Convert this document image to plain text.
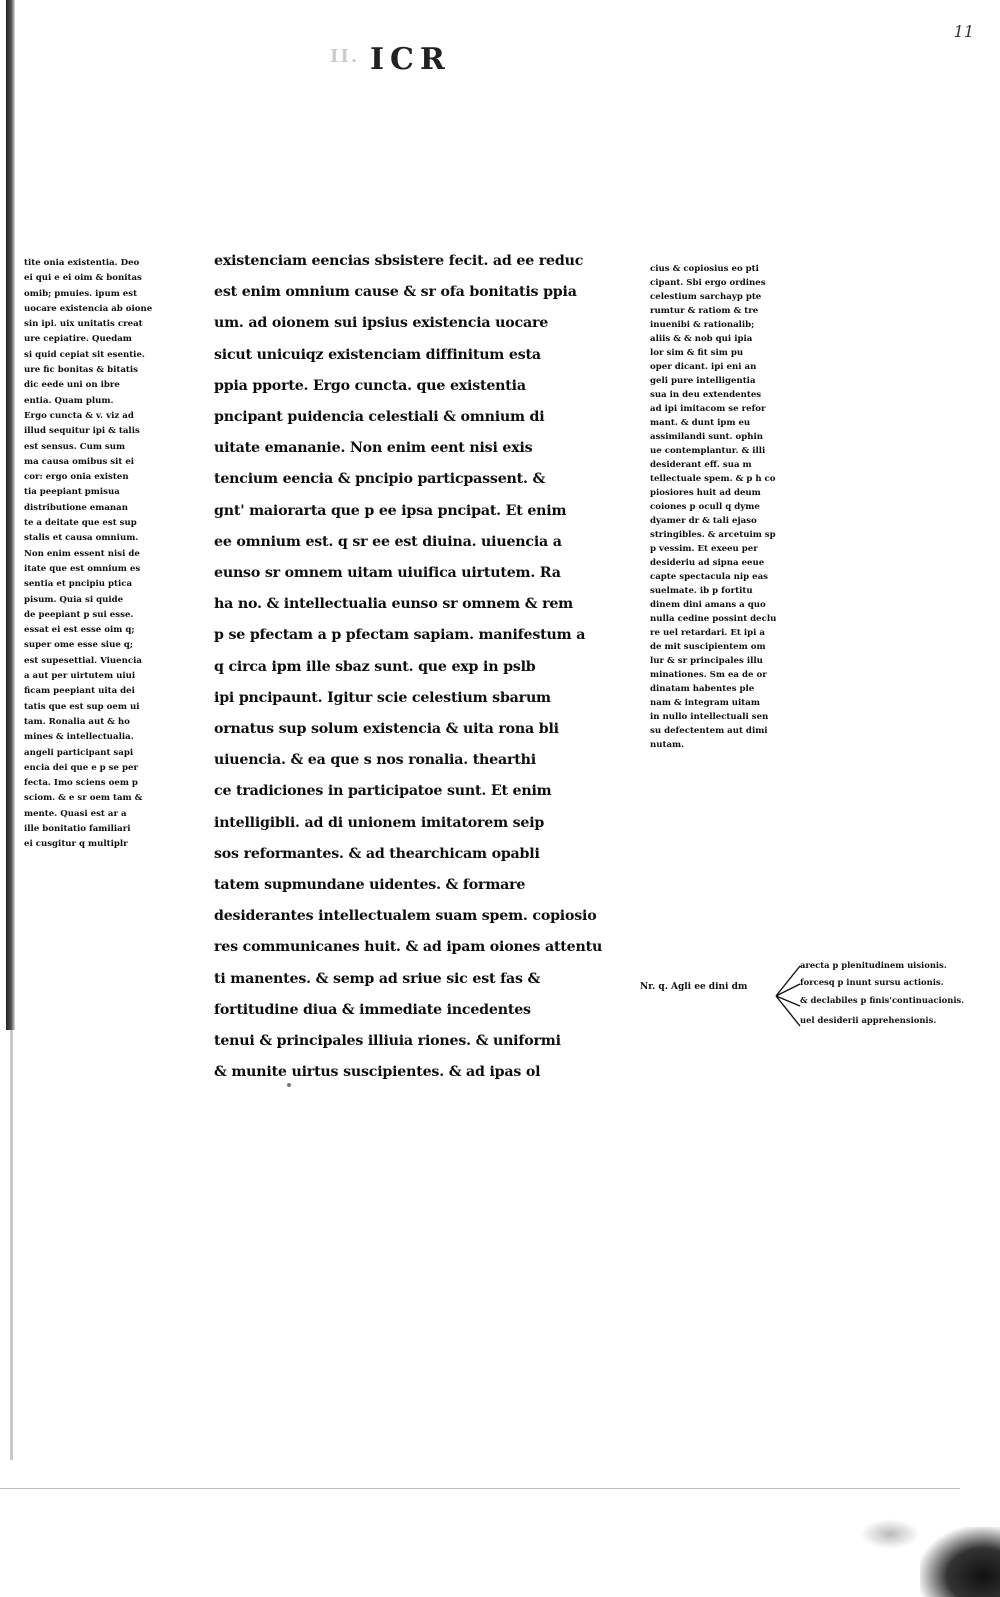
11
II. ICR
tite onia existentia. Deo
ei qui e ei oim & bonitas
omib; pmuies. ipum est
uocare existencia ab oione
sin ipi. uix unitatis creat
ure cepiatire. Quedam
si quid cepiat sit esentie.
ure fic bonitas & bitatis
dic eede uni on ibre
entia. Quam plum.
Ergo cuncta & v. viz ad
illud sequitur ipi & talis
est sensus. Cum sum
ma causa omibus sit ei
cor: ergo onia existen
tia peepiant pmisua
distributione emanan
te a deitate que est sup
stalis et causa omnium.
Non enim essent nisi de
itate que est omnium es
sentia et pncipiu ptica
pisum. Quia si quide
de peepiant p sui esse.
essat ei est esse oim q;
super ome esse siue q;
est supesettial. Viuencia
a aut per uirtutem uiui
ficam peepiant uita dei
tatis que est sup oem ui
tam. Ronalia aut & ho
mines & intellectualia.
angeli participant sapi
encia dei que e p se per
fecta. Imo sciens oem p
sciom. & e sr oem tam &
mente. Quasi est ar a
ille bonitatio familiari
ei cusgitur q multiplr
existenciam eencias sbsistere fecit. ad ee reduc
est enim omnium cause & sr ofa bonitatis ppia
um. ad oionem sui ipsius existencia uocare
sicut unicuiqz existenciam diffinitum esta
ppia pporte. Ergo cuncta. que existentia
pncipant puidencia celestiali & omnium di
uitate emananie. Non enim eent nisi exis
tencium eencia & pncipio particpassent. &
gnt' maiorarta que p ee ipsa pncipat. Et enim
ee omnium est. q sr ee est diuina. uiuencia a
eunso sr omnem uitam uiuifica uirtutem. Ra
ha no. & intellectualia eunso sr omnem & rem
p se pfectam a p pfectam sapiam. manifestum a
q circa ipm ille sbaz sunt. que exp in pslb
ipi pncipaunt. Igitur scie celestium sbarum
ornatus sup solum existencia & uita rona bli
uiuencia. & ea que s nos ronalia. thearthi
ce tradiciones in participatoe sunt. Et enim
intelligibli. ad di unionem imitatorem seip
sos reformantes. & ad thearchicam opabli
tatem supmundane uidentes. & formare
desiderantes intellectualem suam spem. copiosio
res communicanes huit. & ad ipam oiones attentu
ti manentes. & semp ad sriue sic est fas &
fortitudine diua & immediate incedentes
tenui & principales illiuia riones. & uniformi
& munite uirtus suscipientes. & ad ipas ol
cius & copiosius eo pti
cipant. Sbi ergo ordines
celestium sarchayp pte
rumtur & ratiom & tre
inuenibi & rationalib;
aliis & & nob qui ipia
lor sim & fit sim pu
oper dicant. ipi eni an
geli pure intelligentia
sua in deu extendentes
ad ipi imitacom se refor
mant. & dunt ipm eu
assimilandi sunt. ophin
ue contemplantur. & illi
desiderant eff. sua m
tellectuale spem. & p h co
piosiores huit ad deum
coiones p ocull q dyme
dyamer dr & tali ejaso
stringibles. & arcetuim sp
p vessim. Et exeeu per
desideriu ad sipna eeue
capte spectacula nip eas
suelmate. ib p fortitu
dinem dini amans a quo
nulla cedine possint declu
re uel retardari. Et ipi a
de mit suscipientem om
lur & sr principales illu
minationes. Sm ea de or
dinatam habentes ple
nam & integram uitam
in nullo intellectuali sen
su defectentem aut dimi
nutam.
Nr. q. Agli ee dini dm
arecta p plenitudinem uisionis.
forcesq p inunt sursu actionis.
& declabiles p finis'continuacionis.
uel desiderii apprehensionis.
